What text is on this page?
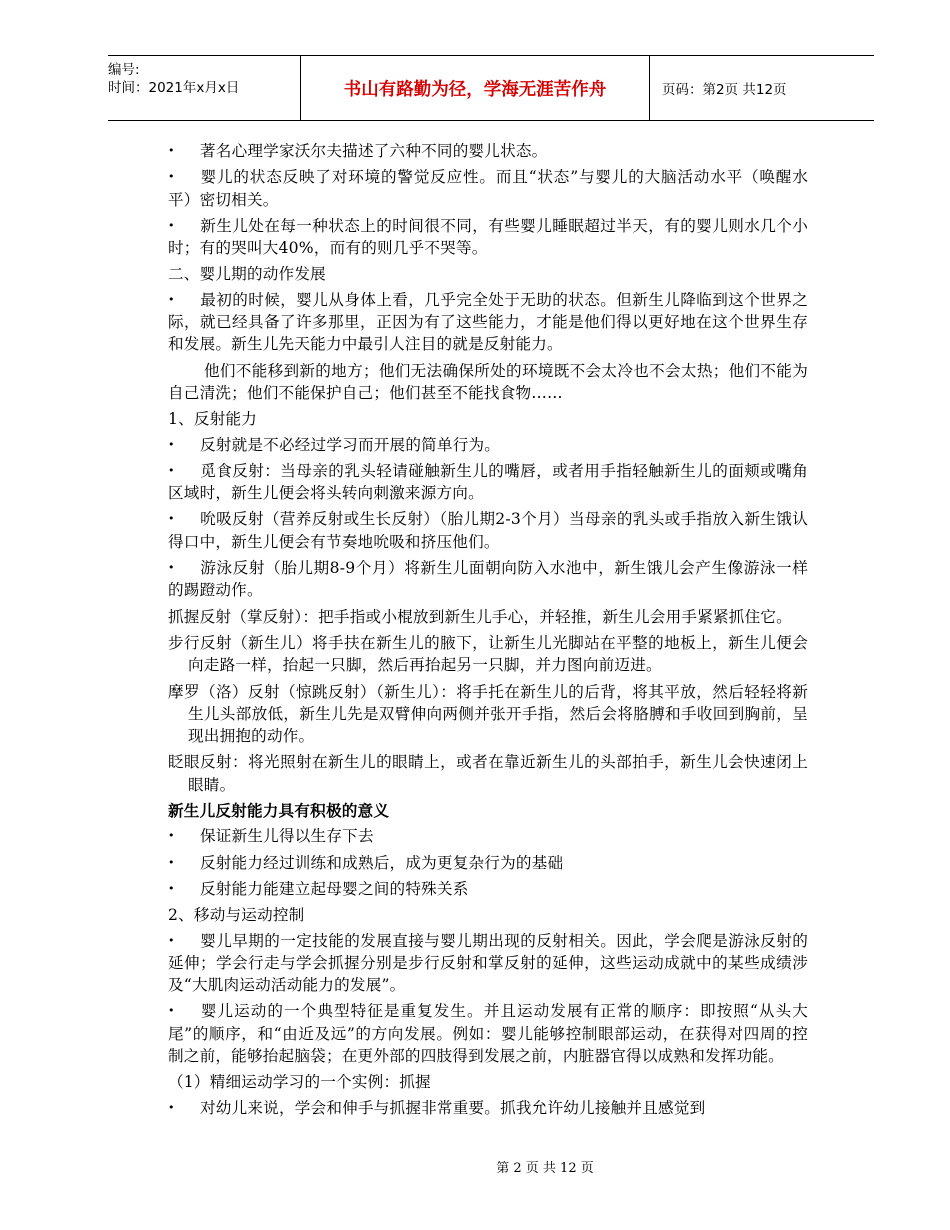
编号:
时间：2021年x月x日	书山有路勤为径，学海无涯苦作舟	页码：第2页 共12页

• 著名心理学家沃尔夫描述了六种不同的婴儿状态。

• 婴儿的状态反映了对环境的警觉反应性。而且“状态”与婴儿的大脑活动水平（唤醒水平）密切相关。

• 新生儿处在每一种状态上的时间很不同，有些婴儿睡眠超过半天，有的婴儿则水几个小时；有的哭叫大40%，而有的则几乎不哭等。

二、婴儿期的动作发展

• 最初的时候，婴儿从身体上看，几乎完全处于无助的状态。但新生儿降临到这个世界之际，就已经具备了许多那里，正因为有了这些能力，才能是他们得以更好地在这个世界生存和发展。新生儿先天能力中最引人注目的就是反射能力。

他们不能移到新的地方；他们无法确保所处的环境既不会太冷也不会太热；他们不能为自己清洗；他们不能保护自己；他们甚至不能找食物……

1、反射能力

• 反射就是不必经过学习而开展的简单行为。

• 觅食反射：当母亲的乳头轻请碰触新生儿的嘴唇，或者用手指轻触新生儿的面颊或嘴角区域时，新生儿便会将头转向刺激来源方向。

• 吮吸反射（营养反射或生长反射）（胎儿期2-3个月）当母亲的乳头或手指放入新生饿认得口中，新生儿便会有节奏地吮吸和挤压他们。

• 游泳反射（胎儿期8-9个月）将新生儿面朝向防入水池中，新生饿儿会产生像游泳一样的踢蹬动作。

抓握反射（掌反射）：把手指或小棍放到新生儿手心，并轻推，新生儿会用手紧紧抓住它。

步行反射（新生儿）将手扶在新生儿的腋下，让新生儿光脚站在平整的地板上，新生儿便会向走路一样，抬起一只脚，然后再抬起另一只脚，并力图向前迈进。

摩罗（洛）反射（惊跳反射）（新生儿）：将手托在新生儿的后背，将其平放，然后轻轻将新生儿头部放低，新生儿先是双臂伸向两侧并张开手指，然后会将胳膊和手收回到胸前，呈现出拥抱的动作。

眨眼反射：将光照射在新生儿的眼睛上，或者在靠近新生儿的头部拍手，新生儿会快速闭上眼睛。

新生儿反射能力具有积极的意义

• 保证新生儿得以生存下去

• 反射能力经过训练和成熟后，成为更复杂行为的基础

• 反射能力能建立起母婴之间的特殊关系

2、移动与运动控制

• 婴儿早期的一定技能的发展直接与婴儿期出现的反射相关。因此，学会爬是游泳反射的延伸；学会行走与学会抓握分别是步行反射和掌反射的延伸，这些运动成就中的某些成绩涉及“大肌肉运动活动能力的发展”。

• 婴儿运动的一个典型特征是重复发生。并且运动发展有正常的顺序：即按照“从头大尾”的顺序，和“由近及远”的方向发展。例如：婴儿能够控制眼部运动，在获得对四周的控制之前，能够抬起脑袋；在更外部的四肢得到发展之前，内脏器官得以成熟和发挥功能。

（1）精细运动学习的一个实例：抓握

• 对幼儿来说，学会和伸手与抓握非常重要。抓我允许幼儿接触并且感觉到

第 2 页 共 12 页
